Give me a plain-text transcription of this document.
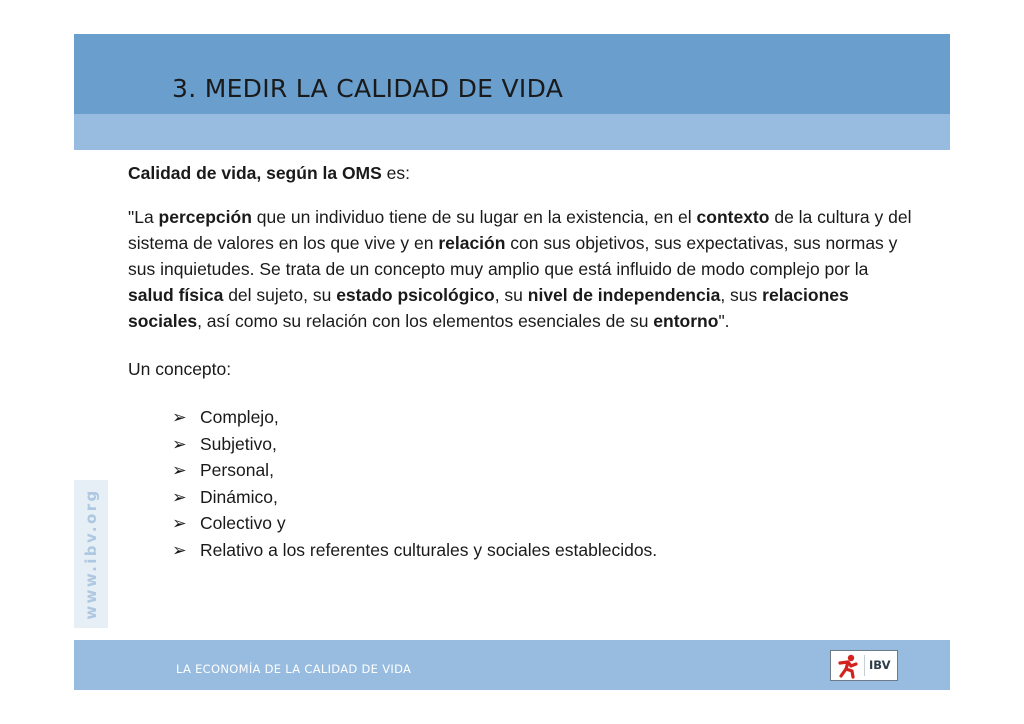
3. MEDIR LA CALIDAD DE VIDA
www.ibv.org

Calidad de vida, según la OMS es:

"La percepción que un individuo tiene de su lugar en la existencia, en el contexto de la cultura y del sistema de valores en los que vive y en relación con sus objetivos, sus expectativas, sus normas y sus inquietudes. Se trata de un concepto muy amplio que está influido de modo complejo por la salud física del sujeto, su estado psicológico, su nivel de independencia, sus relaciones sociales, así como su relación con los elementos esenciales de su entorno".

Un concepto:

➢ Complejo,
➢ Subjetivo,
➢ Personal,
➢ Dinámico,
➢ Colectivo y
➢ Relativo a los referentes culturales y sociales establecidos.
LA ECONOMÍA DE LA CALIDAD DE VIDA	IBV
